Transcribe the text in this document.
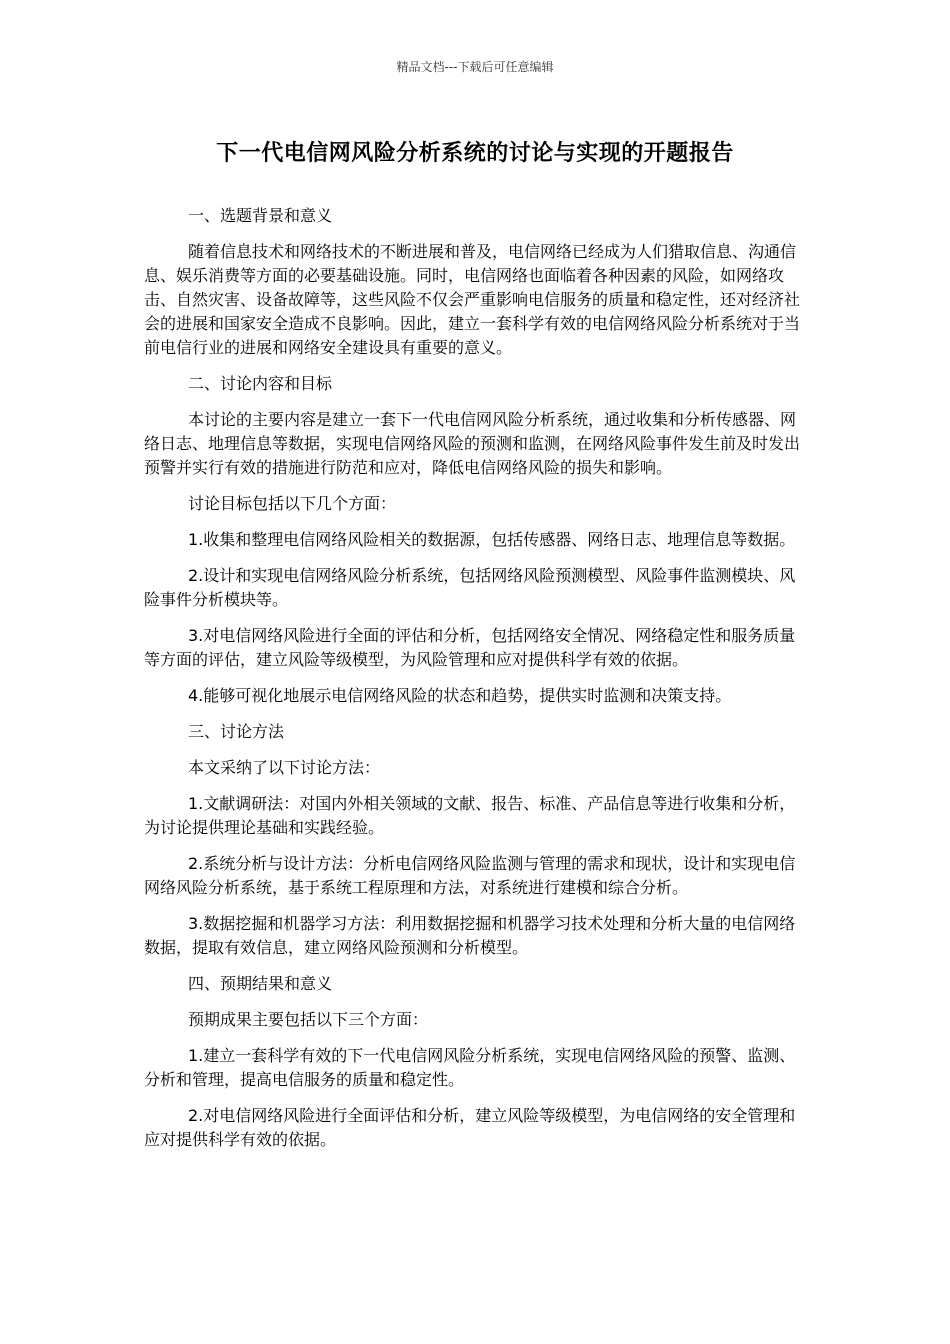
精品文档---下载后可任意编辑
下一代电信网风险分析系统的讨论与实现的开题报告

一、选题背景和意义

随着信息技术和网络技术的不断进展和普及，电信网络已经成为人们猎取信息、沟通信息、娱乐消费等方面的必要基础设施。同时，电信网络也面临着各种因素的风险，如网络攻击、自然灾害、设备故障等，这些风险不仅会严重影响电信服务的质量和稳定性，还对经济社会的进展和国家安全造成不良影响。因此，建立一套科学有效的电信网络风险分析系统对于当前电信行业的进展和网络安全建设具有重要的意义。

二、讨论内容和目标

本讨论的主要内容是建立一套下一代电信网风险分析系统，通过收集和分析传感器、网络日志、地理信息等数据，实现电信网络风险的预测和监测，在网络风险事件发生前及时发出预警并实行有效的措施进行防范和应对，降低电信网络风险的损失和影响。

讨论目标包括以下几个方面：

1.收集和整理电信网络风险相关的数据源，包括传感器、网络日志、地理信息等数据。

2.设计和实现电信网络风险分析系统，包括网络风险预测模型、风险事件监测模块、风险事件分析模块等。

3.对电信网络风险进行全面的评估和分析，包括网络安全情况、网络稳定性和服务质量等方面的评估，建立风险等级模型，为风险管理和应对提供科学有效的依据。

4.能够可视化地展示电信网络风险的状态和趋势，提供实时监测和决策支持。

三、讨论方法

本文采纳了以下讨论方法：

1.文献调研法：对国内外相关领域的文献、报告、标准、产品信息等进行收集和分析，为讨论提供理论基础和实践经验。

2.系统分析与设计方法：分析电信网络风险监测与管理的需求和现状，设计和实现电信网络风险分析系统，基于系统工程原理和方法，对系统进行建模和综合分析。

3.数据挖掘和机器学习方法：利用数据挖掘和机器学习技术处理和分析大量的电信网络数据，提取有效信息，建立网络风险预测和分析模型。

四、预期结果和意义

预期成果主要包括以下三个方面：

1.建立一套科学有效的下一代电信网风险分析系统，实现电信网络风险的预警、监测、分析和管理，提高电信服务的质量和稳定性。

2.对电信网络风险进行全面评估和分析，建立风险等级模型，为电信网络的安全管理和应对提供科学有效的依据。
